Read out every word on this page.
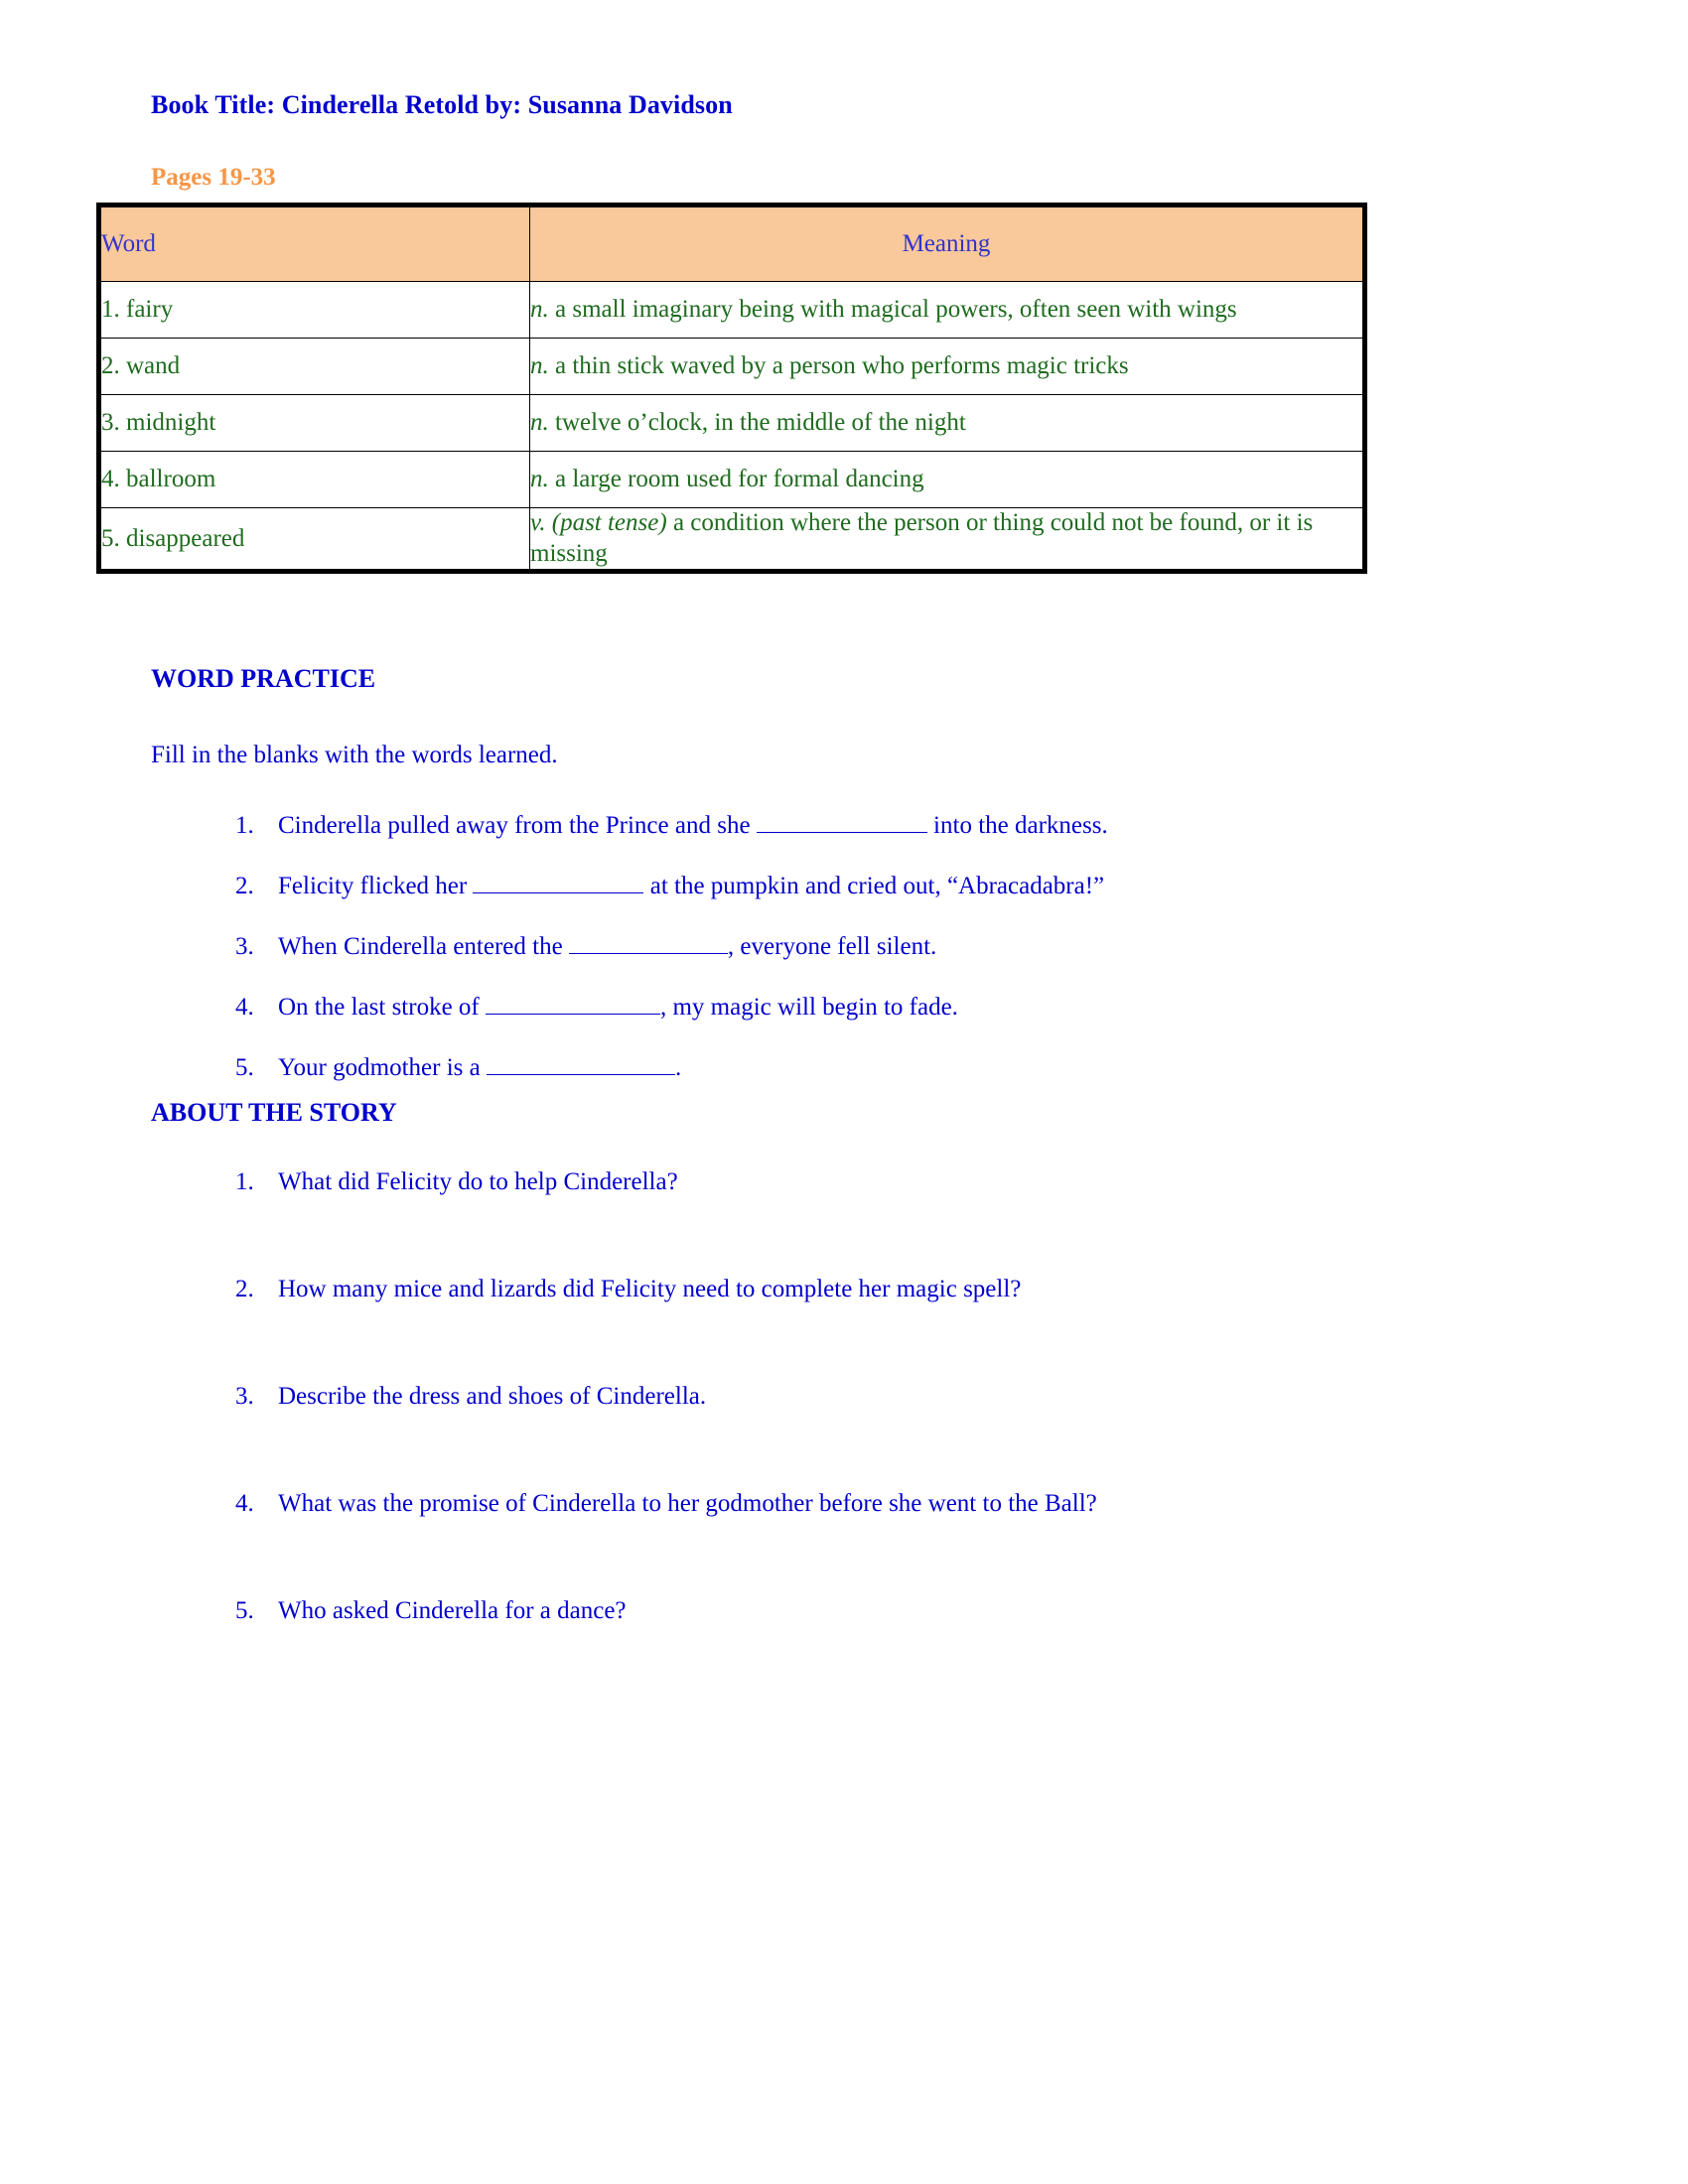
Book Title: Cinderella Retold by: Susanna Davidson
Pages 19-33
Word	Meaning
1. fairy	n. a small imaginary being with magical powers, often seen with wings
2. wand	n. a thin stick waved by a person who performs magic tricks
3. midnight	n. twelve o’clock, in the middle of the night
4. ballroom	n. a large room used for formal dancing
5. disappeared	v. (past tense) a condition where the person or thing could not be found, or it is missing
WORD PRACTICE
Fill in the blanks with the words learned.
1. Cinderella pulled away from the Prince and she	into the darkness.
2. Felicity flicked her	at the pumpkin and cried out, “Abracadabra!”
3. When Cinderella entered the	, everyone fell silent.
4. On the last stroke of	, my magic will begin to fade.
5. Your godmother is a	.
ABOUT THE STORY
1. What did Felicity do to help Cinderella?
2. How many mice and lizards did Felicity need to complete her magic spell?
3. Describe the dress and shoes of Cinderella.
4. What was the promise of Cinderella to her godmother before she went to the Ball?
5. Who asked Cinderella for a dance?
